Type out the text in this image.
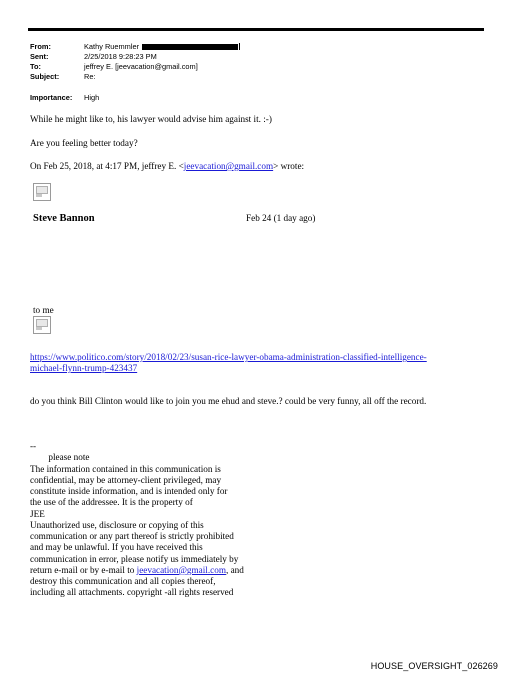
From:	Kathy Ruemmler
Sent:	2/25/2018 9:28:23 PM
To:	jeffrey E. [jeevacation@gmail.com]
Subject:	Re:
Importance: High
While he might like to, his lawyer would advise him against it. :-)
Are you feeling better today?
On Feb 25, 2018, at 4:17 PM, jeffrey E. <jeevacation@gmail.com> wrote:
Steve Bannon	Feb 24 (1 day ago)
to me
https://www.politico.com/story/2018/02/23/susan-rice-lawyer-obama-administration-classified-intelligence-
michael-flynn-trump-423437
do you think Bill Clinton would like to join you me ehud and steve.? could be very funny, all off the record.
--
please note
The information contained in this communication is
confidential, may be attorney-client privileged, may
constitute inside information, and is intended only for
the use of the addressee. It is the property of
JEE
Unauthorized use, disclosure or copying of this
communication or any part thereof is strictly prohibited
and may be unlawful. If you have received this
communication in error, please notify us immediately by
return e-mail or by e-mail to jeevacation@gmail.com, and
destroy this communication and all copies thereof,
including all attachments. copyright -all rights reserved
HOUSE_OVERSIGHT_026269
